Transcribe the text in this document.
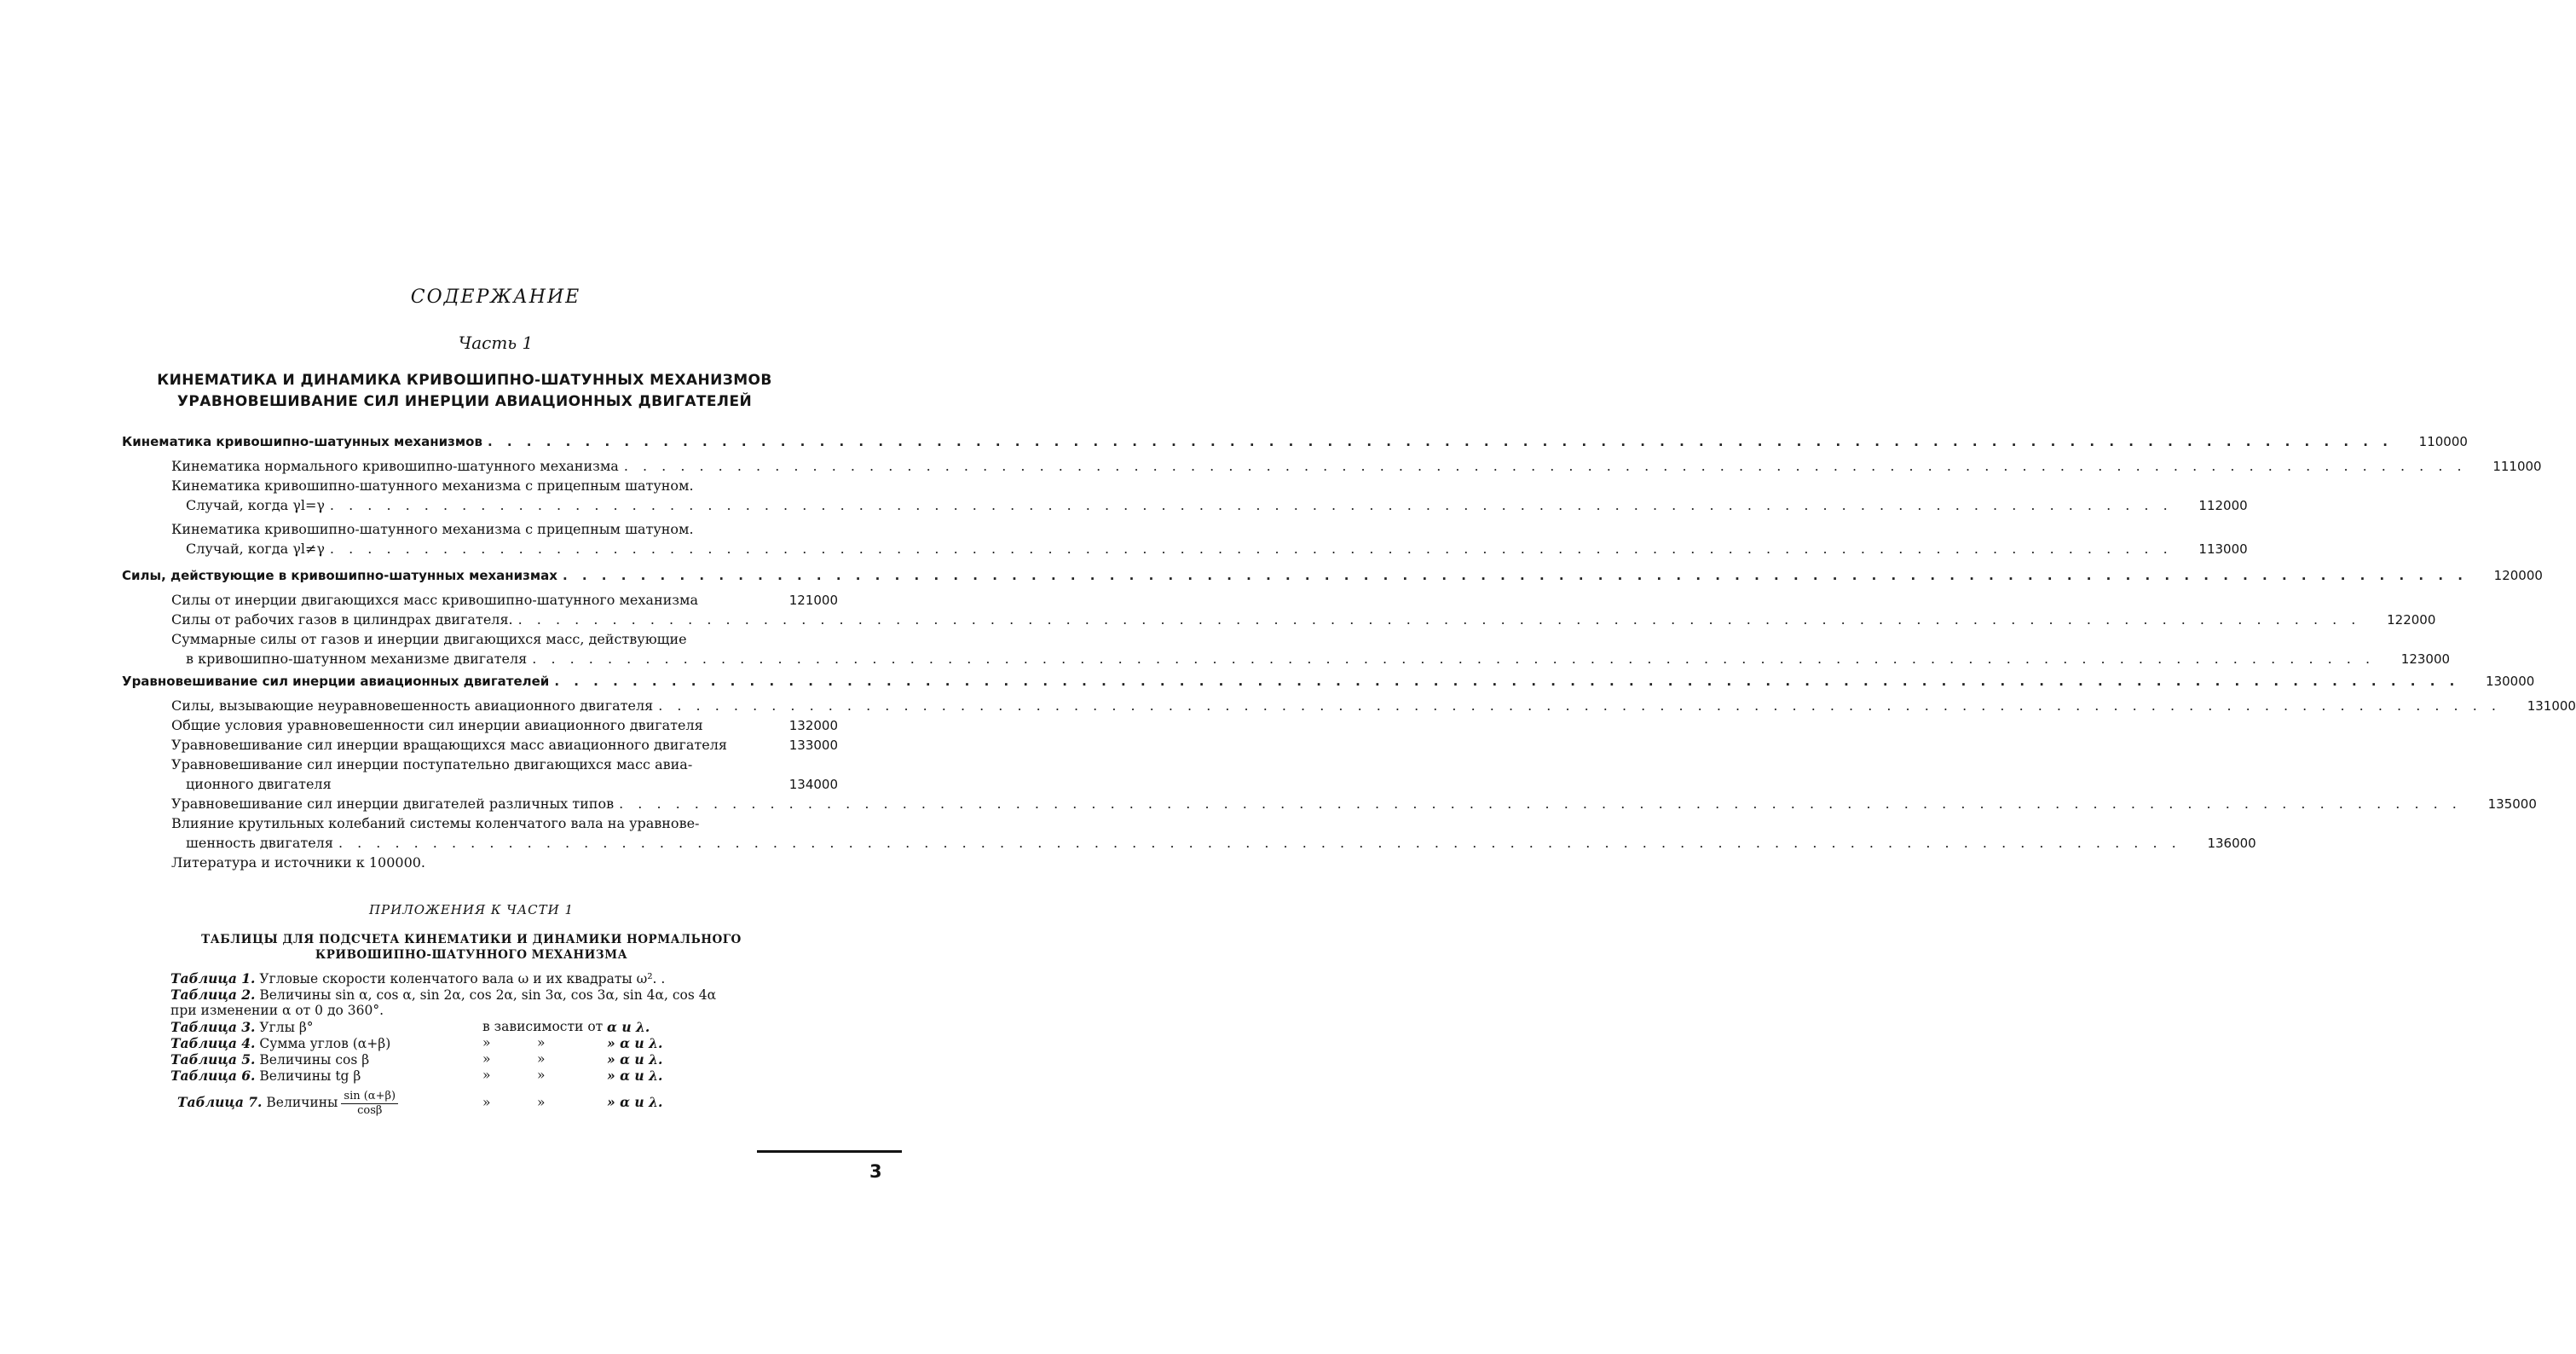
СОДЕРЖАНИЕ
Часть 1
КИНЕМАТИКА И ДИНАМИКА КРИВОШИПНО-ШАТУННЫХ МЕХАНИЗМОВ
УРАВНОВЕШИВАНИЕ СИЛ ИНЕРЦИИ АВИАЦИОННЫХ ДВИГАТЕЛЕЙ
Кинематика кривошипно-шатунных механизмов . . .	110000
Кинематика нормального кривошипно-шатунного механизма . . .	111000
Кинематика кривошипно-шатунного механизма с прицепным шатуном.
Случай, когда γl=γ . . .	112000
Кинематика кривошипно-шатунного механизма с прицепным шатуном.
Случай, когда γl≠γ . . .	113000
Силы, действующие в кривошипно-шатунных механизмах . . .	120000
Силы от инерции двигающихся масс кривошипно-шатунного механизма	121000
Силы от рабочих газов в цилиндрах двигателя. . . .	122000
Суммарные силы от газов и инерции двигающихся масс, действующие
в кривошипно-шатунном механизме двигателя . . .	123000
Уравновешивание сил инерции авиационных двигателей . . .	130000
Силы, вызывающие неуравновешенность авиационного двигателя . . .	131000
Общие условия уравновешенности сил инерции авиационного двигателя	132000
Уравновешивание сил инерции вращающихся масс авиационного двигателя	133000
Уравновешивание сил инерции поступательно двигающихся масс авиа-
ционного двигателя	134000
Уравновешивание сил инерции двигателей различных типов . . .	135000
Влияние крутильных колебаний системы коленчатого вала на уравнове-
шенность двигателя . . .	136000
Литература и источники к 100000.
ПРИЛОЖЕНИЯ К ЧАСТИ 1
ТАБЛИЦЫ ДЛЯ ПОДСЧЕТА КИНЕМАТИКИ И ДИНАМИКИ НОРМАЛЬНОГО
КРИВОШИПНО-ШАТУННОГО МЕХАНИЗМА
Таблица 1. Угловые скорости коленчатого вала ω и их квадраты ω². .
Таблица 2. Величины sin α, cos α, sin 2α, cos 2α, sin 3α, cos 3α, sin 4α, cos 4α
при изменении α от 0 до 360°.
Таблица 3. Углы β°	в зависимости от α и λ.
Таблица 4. Сумма углов (α+β)	»	»	» α и λ.
Таблица 5. Величины cos β	»	»	» α и λ.
Таблица 6. Величины tg β	»	»	» α и λ.
Таблица 7. Величины $\frac{\sin (\alpha+\beta)}{\cos\beta}$	»	»	» α и λ.
3
